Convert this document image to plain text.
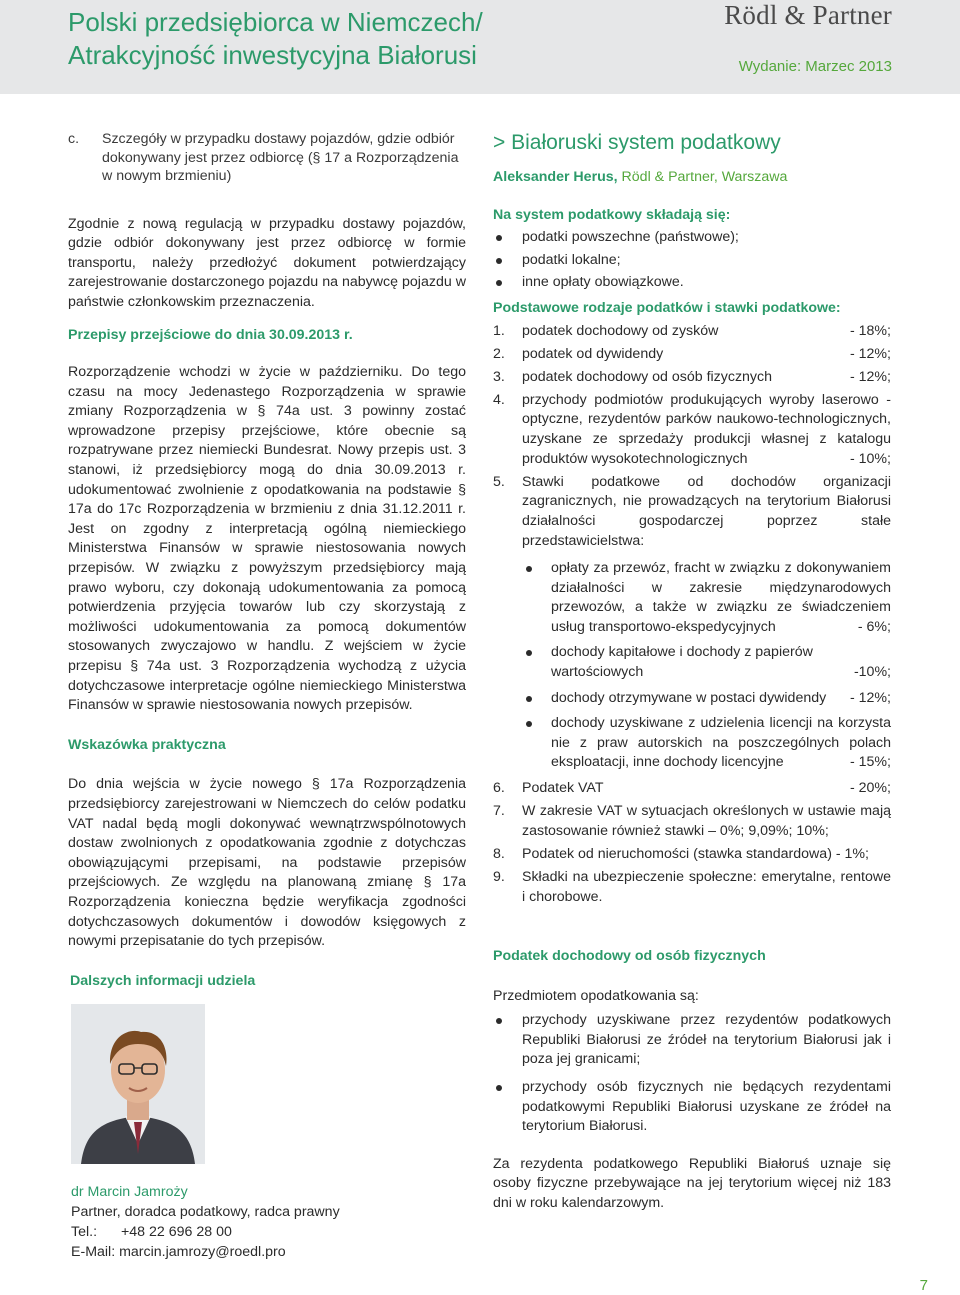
Polski przedsiębiorca w Niemczech/
Atrakcyjność inwestycyjna Białorusi
Rödl & Partner
Wydanie: Marzec 2013
c. Szczegóły w przypadku dostawy pojazdów, gdzie odbiór dokonywany jest przez odbiorcę (§ 17 a Rozporządzenia w nowym brzmieniu)

Zgodnie z nową regulacją w przypadku dostawy pojazdów, gdzie odbiór dokonywany jest przez odbiorcę w formie transportu, należy przedłożyć dokument potwierdzający zarejestrowanie dostarczonego pojazdu na nabywcę pojazdu w państwie członkowskim przeznaczenia.

Przepisy przejściowe do dnia 30.09.2013 r.

Rozporządzenie wchodzi w życie w październiku. Do tego czasu na mocy Jedenastego Rozporządzenia w sprawie zmiany Rozporządzenia w § 74a ust. 3 powinny zostać wprowadzone przepisy przejściowe, które obecnie są rozpatrywane przez niemiecki Bundesrat. Nowy przepis ust. 3 stanowi, iż przedsiębiorcy mogą do dnia 30.09.2013 r. udokumentować zwolnienie z opodatkowania na podstawie § 17a do 17c Rozporządzenia w brzmieniu z dnia 31.12.2011 r. Jest on zgodny z interpretacją ogólną niemieckiego Ministerstwa Finansów w sprawie niestosowania nowych przepisów. W związku z powyższym przedsiębiorcy mają prawo wyboru, czy dokonają udokumentowania za pomocą potwierdzenia przyjęcia towarów lub czy skorzystają z możliwości udokumentowania za pomocą dokumentów stosowanych zwyczajowo w handlu. Z wejściem w życie przepisu § 74a ust. 3 Rozporządzenia wychodzą z użycia dotychczasowe interpretacje ogólne niemieckiego Ministerstwa Finansów w sprawie niestosowania nowych przepisów.

Wskazówka praktyczna

Do dnia wejścia w życie nowego § 17a Rozporządzenia przedsiębiorcy zarejestrowani w Niemczech do celów podatku VAT nadal będą mogli dokonywać wewnątrzwspólnotowych dostaw zwolnionych z opodatkowania zgodnie z dotychczas obowiązującymi przepisami, na podstawie przepisów przejściowych. Ze względu na planowaną zmianę § 17a Rozporządzenia konieczna będzie weryfikacja zgodności dotychczasowych dokumentów i dowodów księgowych z nowymi przepisatanie do tych przepisów.

Dalszych informacji udziela
dr Marcin Jamroży
Partner, doradca podatkowy, radca prawny
Tel.: +48 22 696 28 00
E-Mail: marcin.jamrozy@roedl.pro
> Białoruski system podatkowy
Aleksander Herus, Rödl & Partner, Warszawa
Na system podatkowy składają się:
podatki powszechne (państwowe);
podatki lokalne;
inne opłaty obowiązkowe.
Podstawowe rodzaje podatków i stawki podatkowe:
1. podatek dochodowy od zysków	- 18%;
2. podatek od dywidendy	- 12%;
3. podatek dochodowy od osób fizycznych	- 12%;
4. przychody podmiotów produkujących wyroby laserowo -optyczne, rezydentów parków naukowo-technologicznych, uzyskane ze sprzedaży produkcji własnej z katalogu produktów wysokotechnologicznych	- 10%;
5. Stawki podatkowe od dochodów organizacji zagranicznych, nie prowadzących na terytorium Białorusi działalności gospodarczej poprzez stałe przedstawicielstwa:
opłaty za przewóz, fracht w związku z dokonywaniem działalności w zakresie międzynarodowych przewozów, a także w związku ze świadczeniem usług transportowo-ekspedycyjnych	- 6%;
dochody kapitałowe i dochody z papierów wartościowych	-10%;
dochody otrzymywane w postaci dywidendy	- 12%;
dochody uzyskiwane z udzielenia licencji na korzysta nie z praw autorskich na poszczególnych polach eksploatacji, inne dochody licencyjne	- 15%;
6. Podatek VAT	- 20%;
7. W zakresie VAT w sytuacjach określonych w ustawie mają zastosowanie również stawki – 0%; 9,09%; 10%;
8. Podatek od nieruchomości (stawka standardowa) - 1%;
9. Składki na ubezpieczenie społeczne: emerytalne, rentowe i chorobowe.
Podatek dochodowy od osób fizycznych

Przedmiotem opodatkowania są:

przychody uzyskiwane przez rezydentów podatkowych Republiki Białorusi ze źródeł na terytorium Białorusi jak i poza jej granicami;
przychody osób fizycznych nie będących rezydentami podatkowymi Republiki Białorusi uzyskane ze źródeł na terytorium Białorusi.

Za rezydenta podatkowego Republiki Białoruś uznaje się osoby fizyczne przebywające na jej terytorium więcej niż 183 dni w roku kalendarzowym.

7
